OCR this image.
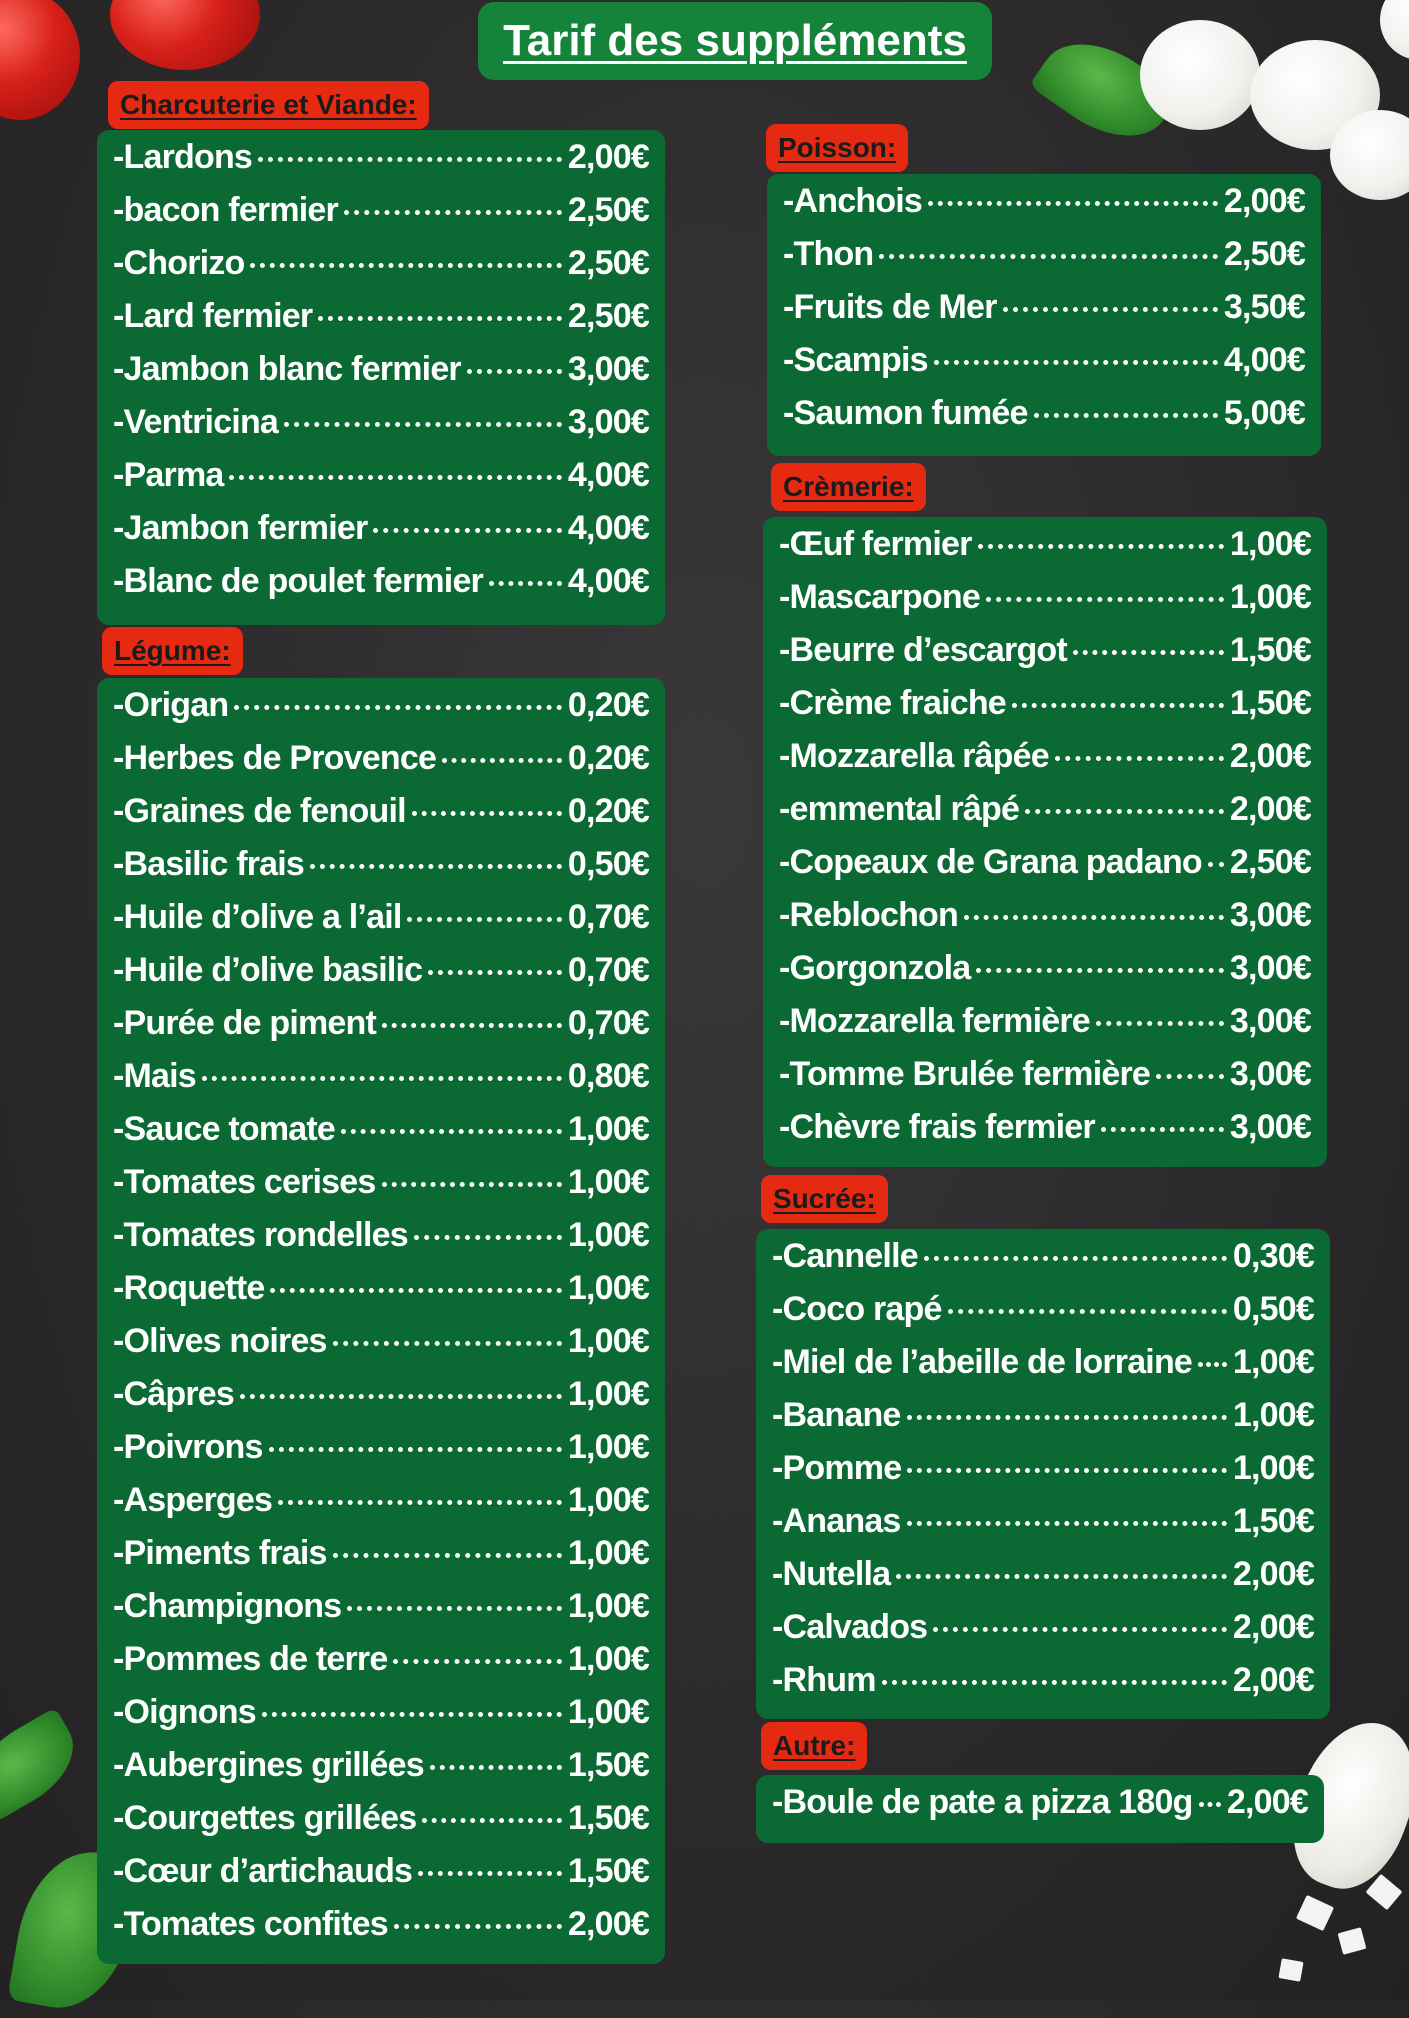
Tarif des suppléments
Charcuterie et Viande:
Légume:
Poisson:
Crèmerie:
Sucrée:
Autre:
-Lardons	2,00€
-bacon fermier	2,50€
-Chorizo	2,50€
-Lard fermier	2,50€
-Jambon blanc fermier	3,00€
-Ventricina	3,00€
-Parma	4,00€
-Jambon fermier	4,00€
-Blanc de poulet fermier 4,00€
-Origan	0,20€
-Herbes de Provence	0,20€
-Graines de fenouil	0,20€
-Basilic frais	0,50€
-Huile d’olive a l’ail	0,70€
-Huile d’olive basilic	0,70€
-Purée de piment	0,70€
-Mais	0,80€
-Sauce tomate	1,00€
-Tomates cerises	1,00€
-Tomates rondelles	1,00€
-Roquette	1,00€
-Olives noires	1,00€
-Câpres	1,00€
-Poivrons	1,00€
-Asperges	1,00€
-Piments frais	1,00€
-Champignons	1,00€
-Pommes de terre	1,00€
-Oignons	1,00€
-Aubergines grillées	1,50€
-Courgettes grillées	1,50€
-Cœur d’artichauds	1,50€
-Tomates confites	2,00€
-Anchois	2,00€
-Thon	2,50€
-Fruits de Mer	3,50€
-Scampis	4,00€
-Saumon fumée	5,00€
-Œuf fermier	1,00€
-Mascarpone	1,00€
-Beurre d’escargot	1,50€
-Crème fraiche	1,50€
-Mozzarella râpée	2,00€
-emmental râpé	2,00€
-Copeaux de Grana padano 2,50€
-Reblochon	3,00€
-Gorgonzola	3,00€
-Mozzarella fermière	3,00€
-Tomme Brulée fermière 3,00€
-Chèvre frais fermier	3,00€
-Cannelle	0,30€
-Coco rapé	0,50€
-Miel de l’abeille de lorraine 1,00€
-Banane	1,00€
-Pomme	1,00€
-Ananas	1,50€
-Nutella	2,00€
-Calvados	2,00€
-Rhum	2,00€
-Boule de pate a pizza 180g 2,00€
